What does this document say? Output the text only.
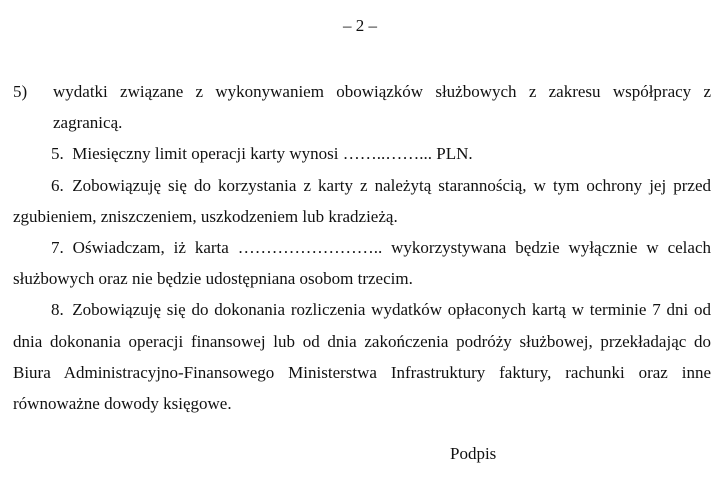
– 2 –

5) wydatki związane z wykonywaniem obowiązków służbowych z zakresu współpracy z zagranicą.

5. Miesięczny limit operacji karty wynosi ……..……... PLN.

6. Zobowiązuję się do korzystania z karty z należytą starannością, w tym ochrony jej przed zgubieniem, zniszczeniem, uszkodzeniem lub kradzieżą.

7. Oświadczam, iż karta …………………….. wykorzystywana będzie wyłącznie w celach służbowych oraz nie będzie udostępniana osobom trzecim.

8. Zobowiązuję się do dokonania rozliczenia wydatków opłaconych kartą w terminie 7 dni od dnia dokonania operacji finansowej lub od dnia zakończenia podróży służbowej, przekładając do Biura Administracyjno-Finansowego Ministerstwa Infrastruktury faktury, rachunki oraz inne równoważne dowody księgowe.

Podpis
